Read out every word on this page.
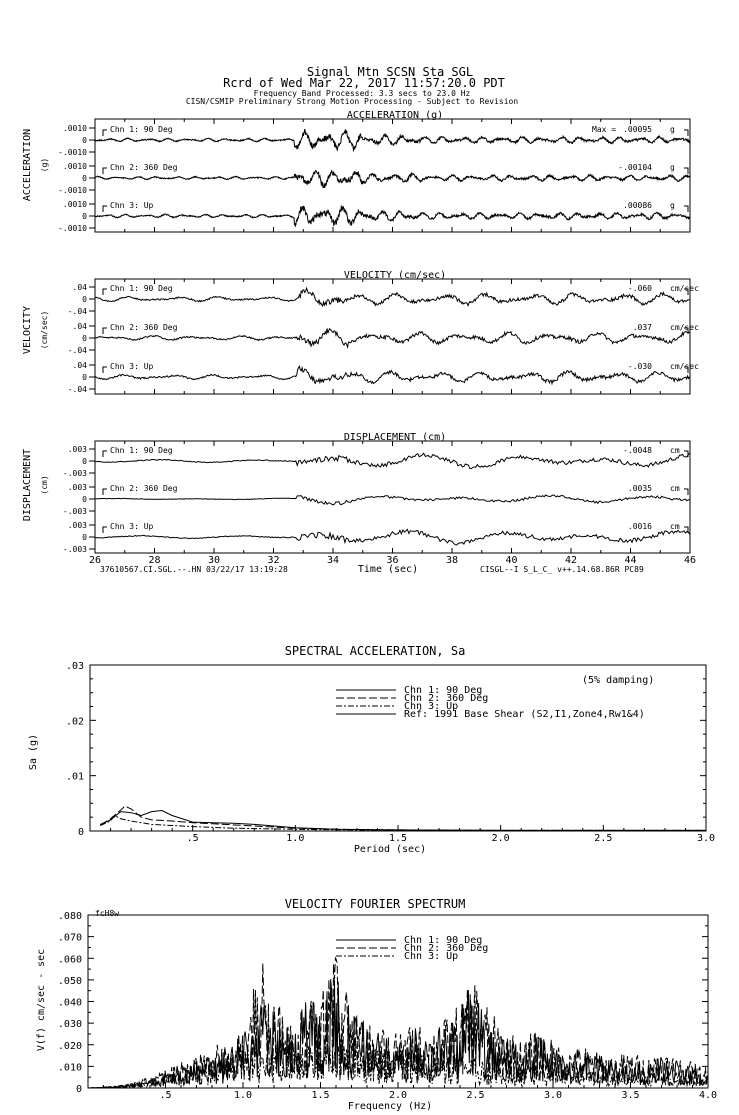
Signal Mtn SCSN Sta SGL
Rcrd of Wed Mar 22, 2017 11:57:20.0 PDT
Frequency Band Processed: 3.3 secs to 23.0 Hz
CISN/CSMIP Preliminary Strong Motion Processing - Subject to Revision
ACCELERATION (g)
ACCELERATION (g)
.0010
0
-.0010
Chn 1: 90 Deg	Max = .00095 g
.0010
0
-.0010
Chn 2: 360 Deg	-.00104 g
.0010
0
-.0010
Chn 3: Up	.00086 g
VELOCITY (cm/sec)
VELOCITY (cm/sec)
.04
0
-.04
Chn 1: 90 Deg	-.060 cm/sec
.04
0
-.04
Chn 2: 360 Deg	.037 cm/sec
.04
0
-.04
Chn 3: Up	-.030 cm/sec
DISPLACEMENT (cm)
DISPLACEMENT (cm)
.003
0
-.003
Chn 1: 90 Deg	-.0048 cm
.003
0
-.003
Chn 2: 360 Deg	.0035 cm
.003
0
-.003
Chn 3: Up	.0016 cm
26	28	30	32	34	36	38	40	42	44	46
Time (sec)
37610567.CI.SGL.--.HN 03/22/17 13:19:28	CISGL--I S_L_C_ v++.14.68.86R PC89
SPECTRAL ACCELERATION, Sa
(5% damping)
Sa (g)
Period (sec)
.5	1.0	1.5	2.0	2.5	3.0
0
.01
.02
.03
Chn 1: 90 Deg
Chn 2: 360 Deg
Chn 3: Up
Ref: 1991 Base Shear (S2,I1,Zone4,Rw1&4)
VELOCITY FOURIER SPECTRUM
fcH8w
V(f) cm/sec - sec
Frequency (Hz)
.5	1.0	1.5	2.0	2.5	3.0	3.5	4.0
0
.010
.020
.030
.040
.050
.060
.070
.080
Chn 1: 90 Deg
Chn 2: 360 Deg
Chn 3: Up
